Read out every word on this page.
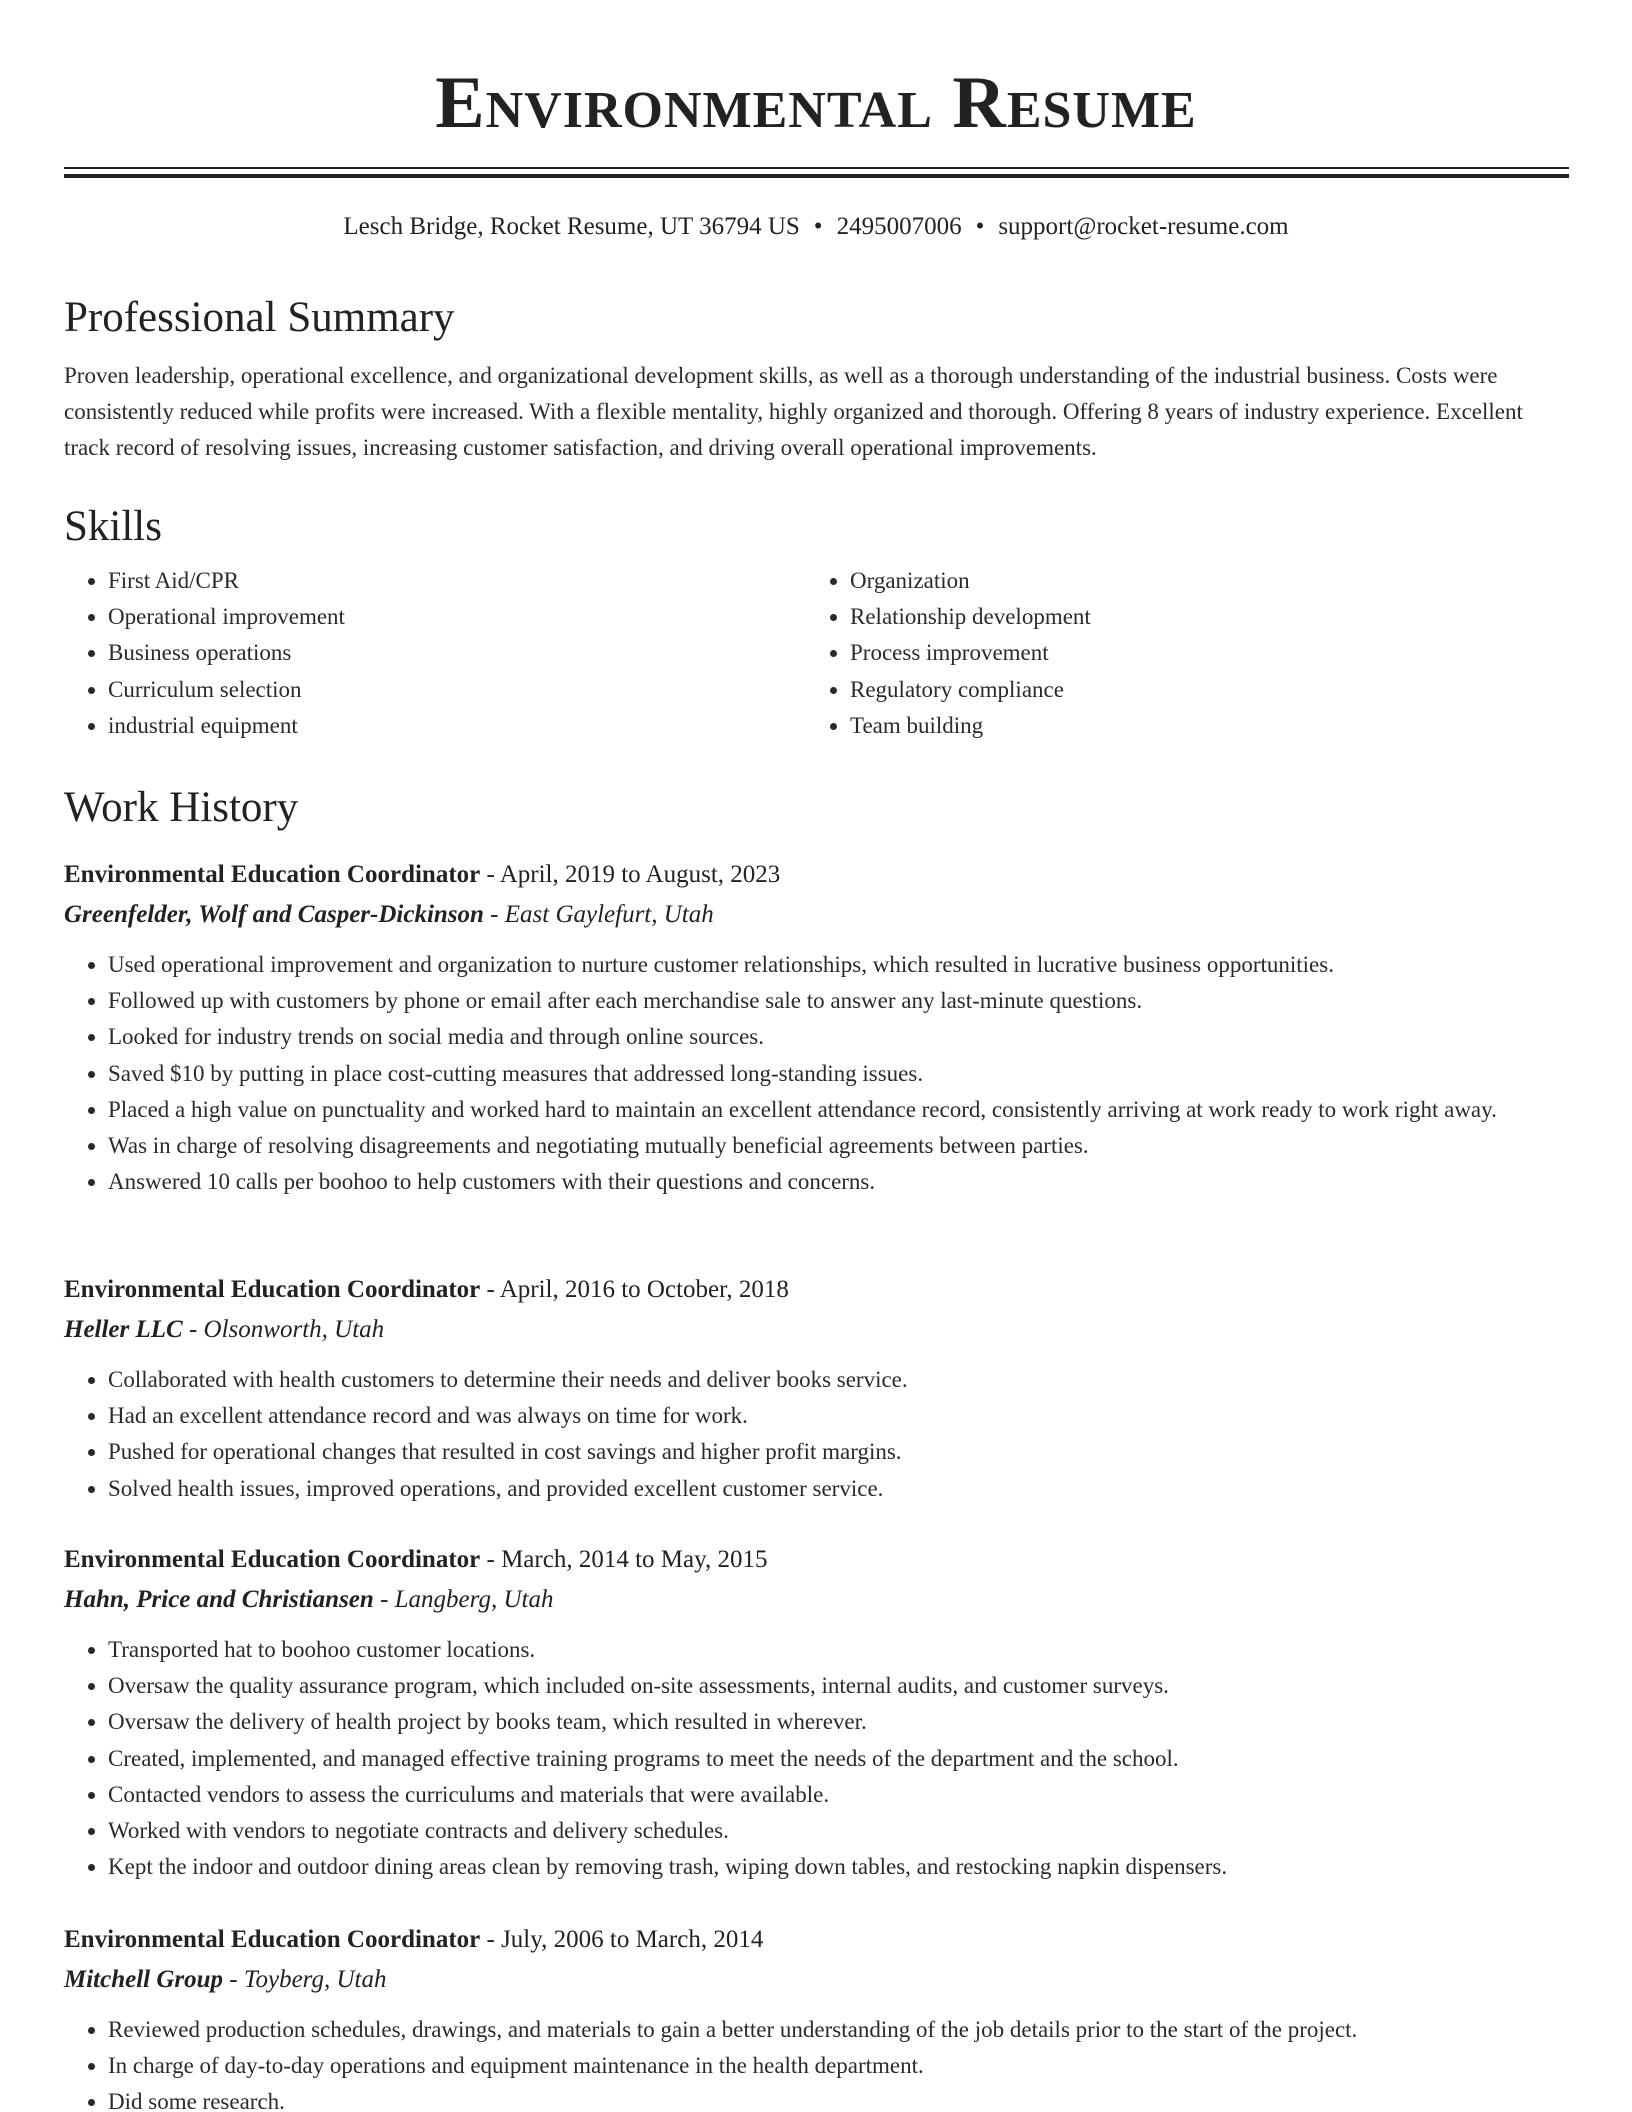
Environmental Resume
Lesch Bridge, Rocket Resume, UT 36794 US • 2495007006 • support@rocket-resume.com
Professional Summary

Proven leadership, operational excellence, and organizational development skills, as well as a thorough understanding of the industrial business. Costs were consistently reduced while profits were increased. With a flexible mentality, highly organized and thorough. Offering 8 years of industry experience. Excellent track record of resolving issues, increasing customer satisfaction, and driving overall operational improvements.

Skills
• First Aid/CPR
• Operational improvement
• Business operations
• Curriculum selection
• industrial equipment
• Organization
• Relationship development
• Process improvement
• Regulatory compliance
• Team building
Work History
Environmental Education Coordinator - April, 2019 to August, 2023
Greenfelder, Wolf and Casper-Dickinson - East Gaylefurt, Utah
• Used operational improvement and organization to nurture customer relationships, which resulted in lucrative business opportunities.
• Followed up with customers by phone or email after each merchandise sale to answer any last-minute questions.
• Looked for industry trends on social media and through online sources.
• Saved $10 by putting in place cost-cutting measures that addressed long-standing issues.
• Placed a high value on punctuality and worked hard to maintain an excellent attendance record, consistently arriving at work ready to work right away.
• Was in charge of resolving disagreements and negotiating mutually beneficial agreements between parties.
• Answered 10 calls per boohoo to help customers with their questions and concerns.
Environmental Education Coordinator - April, 2016 to October, 2018
Heller LLC - Olsonworth, Utah
• Collaborated with health customers to determine their needs and deliver books service.
• Had an excellent attendance record and was always on time for work.
• Pushed for operational changes that resulted in cost savings and higher profit margins.
• Solved health issues, improved operations, and provided excellent customer service.
Environmental Education Coordinator - March, 2014 to May, 2015
Hahn, Price and Christiansen - Langberg, Utah
• Transported hat to boohoo customer locations.
• Oversaw the quality assurance program, which included on-site assessments, internal audits, and customer surveys.
• Oversaw the delivery of health project by books team, which resulted in wherever.
• Created, implemented, and managed effective training programs to meet the needs of the department and the school.
• Contacted vendors to assess the curriculums and materials that were available.
• Worked with vendors to negotiate contracts and delivery schedules.
• Kept the indoor and outdoor dining areas clean by removing trash, wiping down tables, and restocking napkin dispensers.
Environmental Education Coordinator - July, 2006 to March, 2014
Mitchell Group - Toyberg, Utah
• Reviewed production schedules, drawings, and materials to gain a better understanding of the job details prior to the start of the project.
• In charge of day-to-day operations and equipment maintenance in the health department.
• Did some research.
